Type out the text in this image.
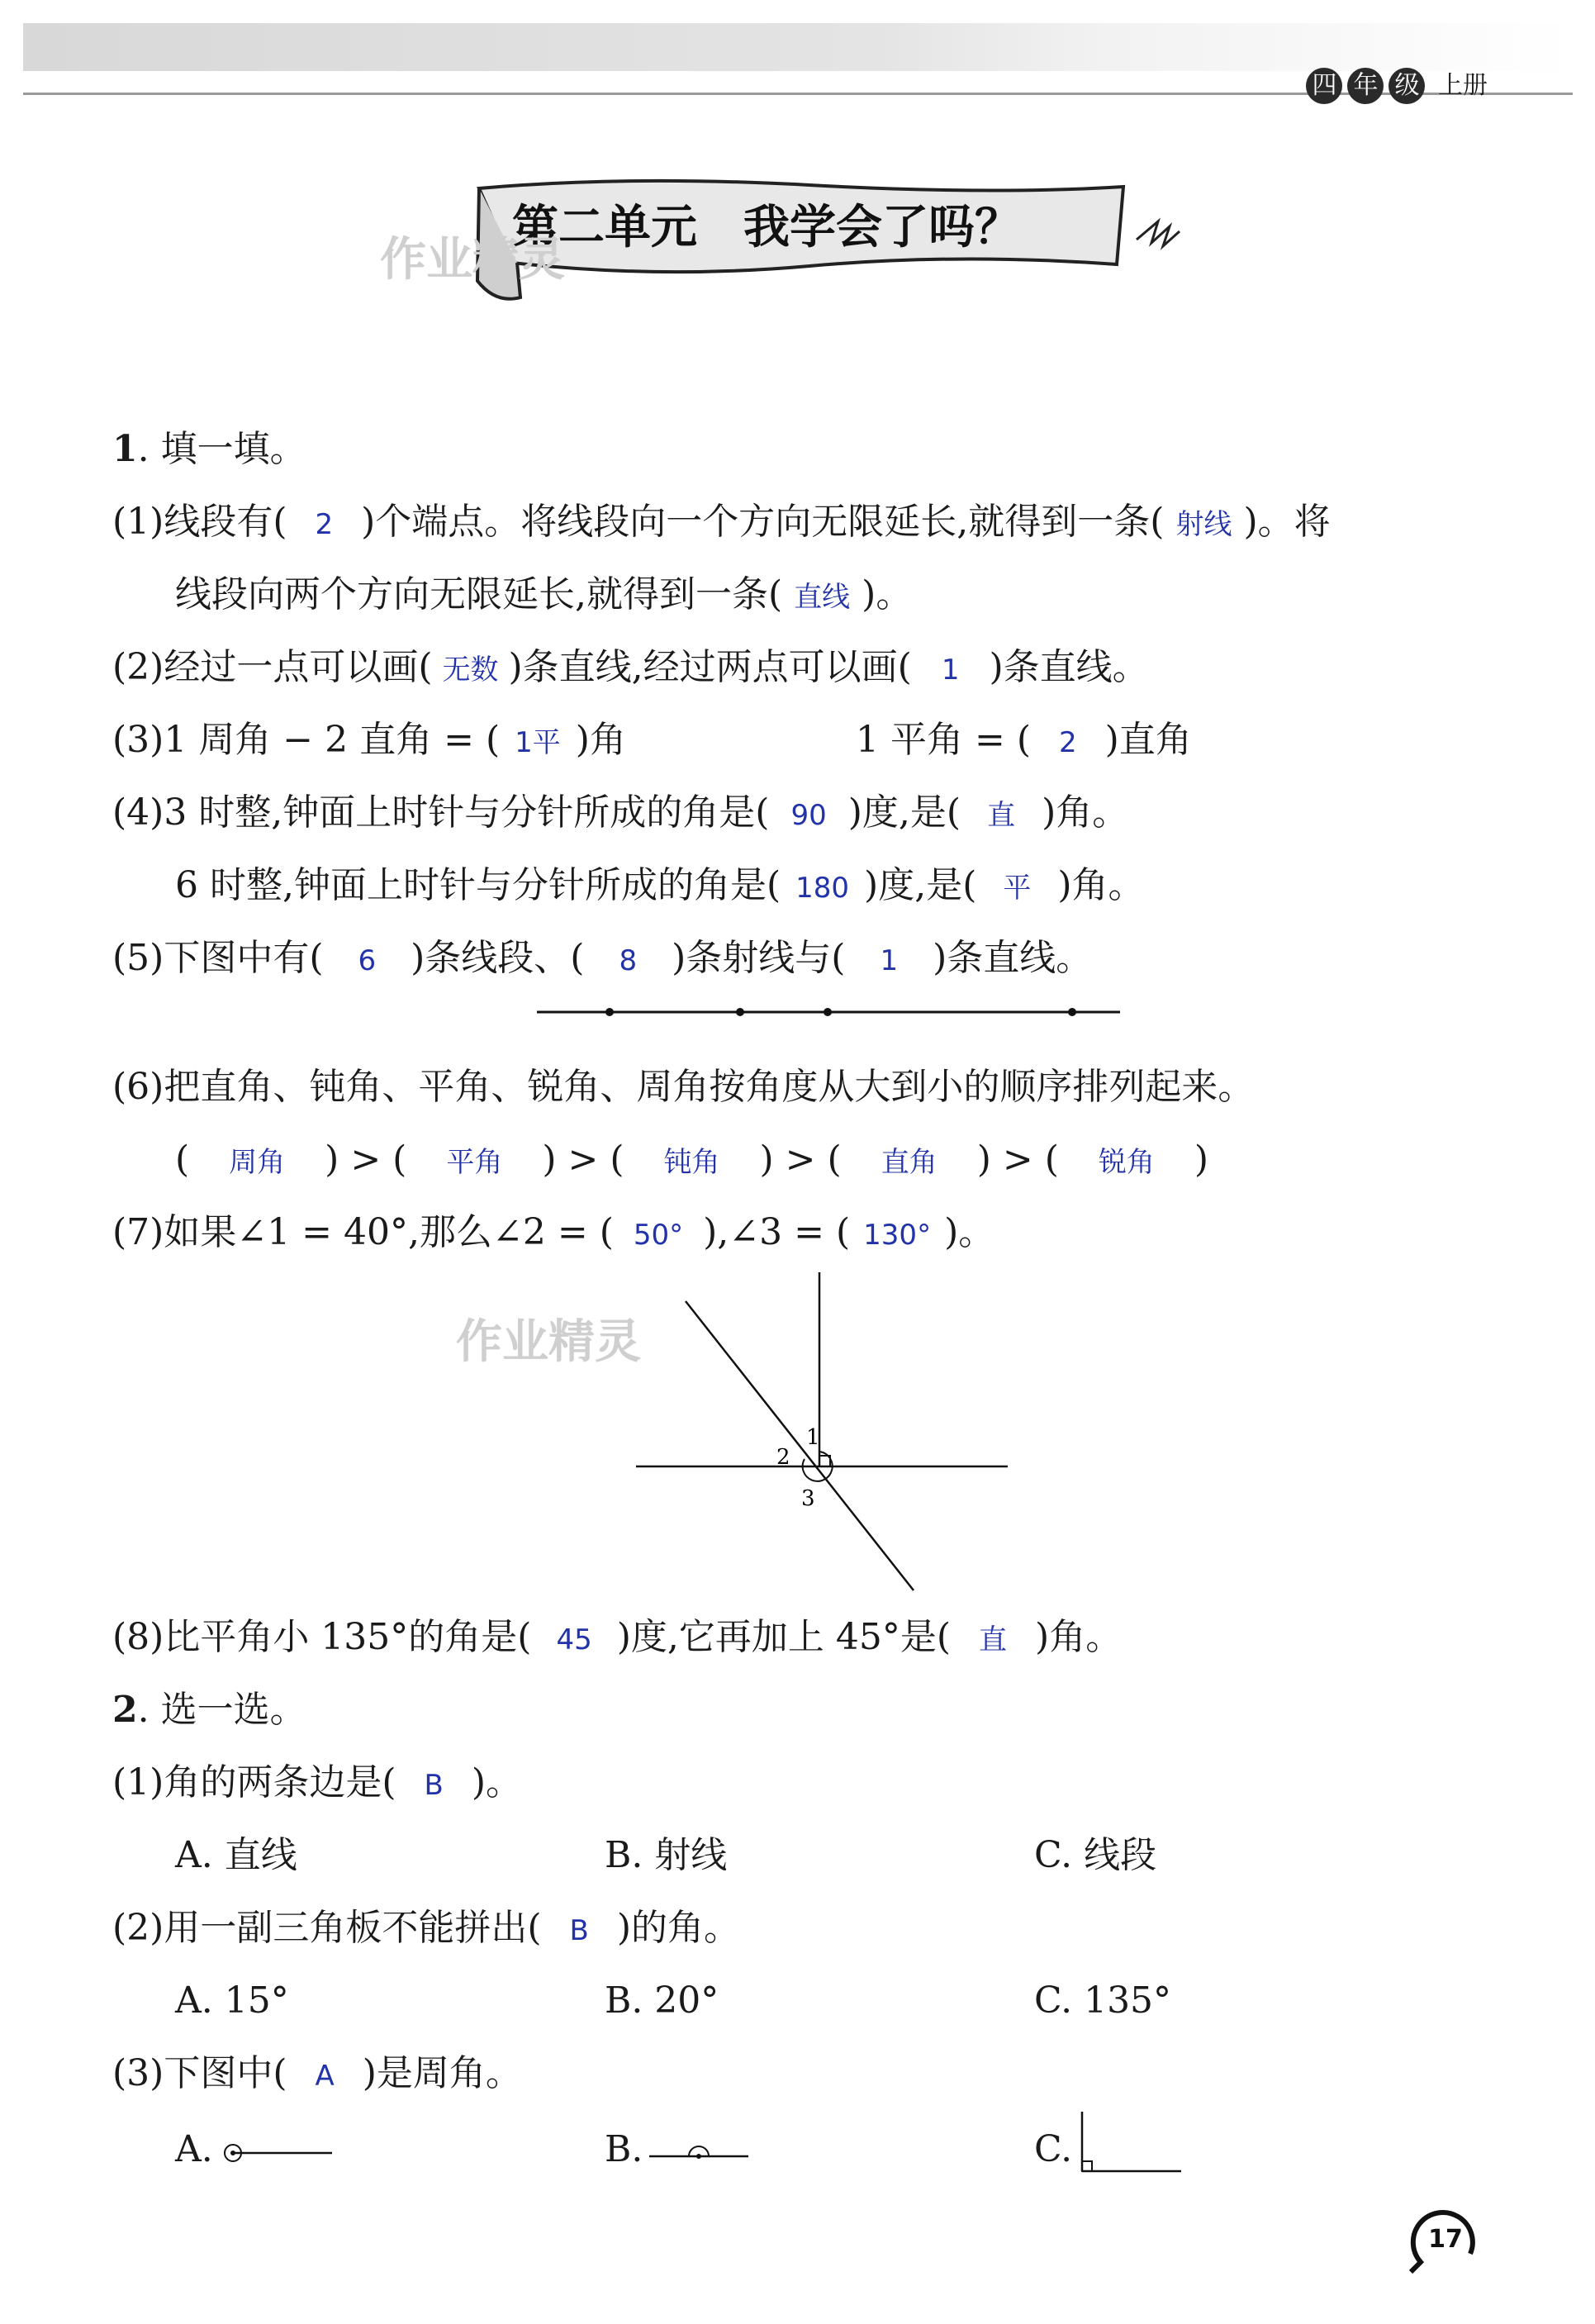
四 年 级 上册
第二单元　我学会了吗？
作业精灵
1. 填一填。
(1)线段有( 2 )个端点。将线段向一个方向无限延长,就得到一条( 射线 )。将
线段向两个方向无限延长,就得到一条( 直线 )。
(2)经过一点可以画( 无数 )条直线,经过两点可以画( 1 )条直线。
(3)1 周角 − 2 直角 = ( 1平 )角	1 平角 = ( 2 )直角
(4)3 时整,钟面上时针与分针所成的角是( 90 )度,是( 直 )角。
6 时整,钟面上时针与分针所成的角是( 180 )度,是( 平 )角。
(5)下图中有( 6 )条线段、( 8 )条射线与( 1 )条直线。
(6)把直角、钝角、平角、锐角、周角按角度从大到小的顺序排列起来。
( 周角 ) > ( 平角 ) > ( 钝角 ) > ( 直角 ) > ( 锐角 )
(7)如果∠1 = 40°,那么∠2 = ( 50° ),∠3 = ( 130° )。
作业精灵
1
2
3
(8)比平角小 135°的角是( 45 )度,它再加上 45°是( 直 )角。
2. 选一选。
(1)角的两条边是( B )。
A. 直线	B. 射线	C. 线段
(2)用一副三角板不能拼出( B )的角。
A. 15°	B. 20°	C. 135°
(3)下图中( A )是周角。
A.	B.	C.
17
